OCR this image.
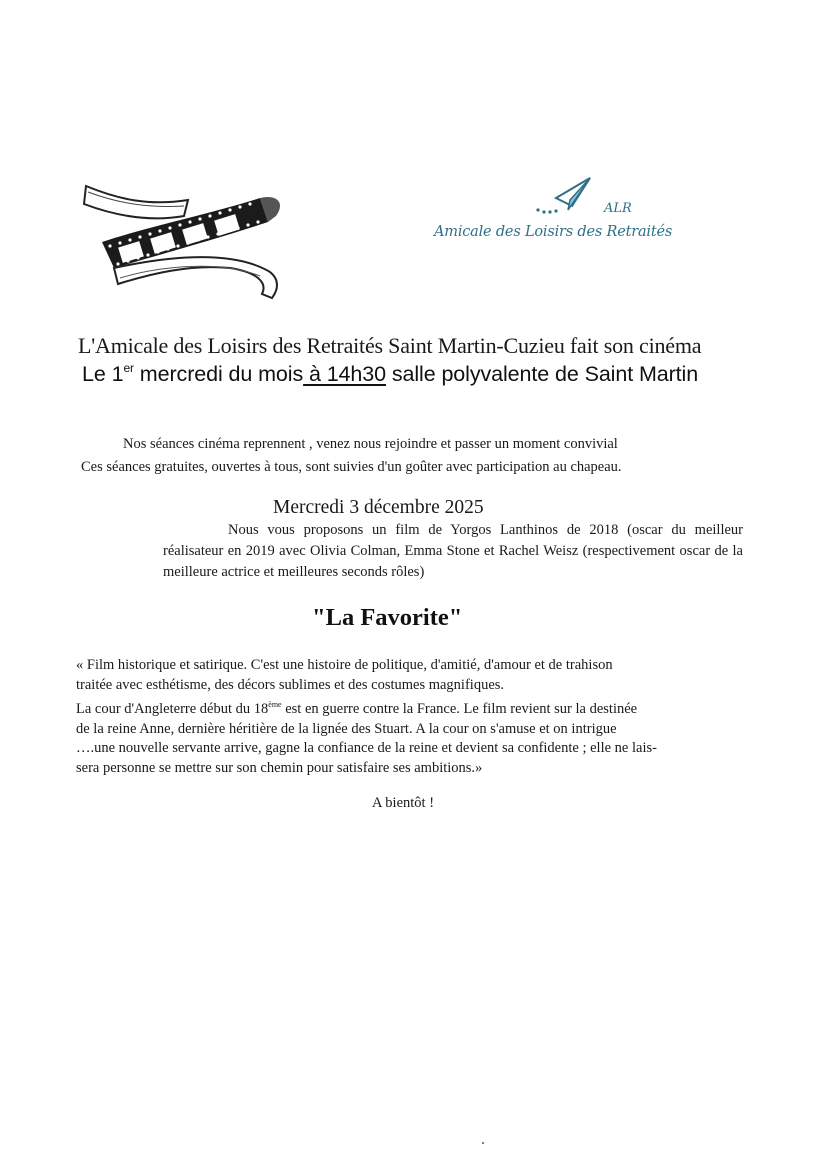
ALR
Amicale des Loisirs des Retraités
L'Amicale des Loisirs des Retraités Saint Martin-Cuzieu fait son cinéma
Le 1er mercredi du mois à 14h30 salle polyvalente de Saint Martin
Nos séances cinéma reprennent , venez nous rejoindre et passer un moment convivial
Ces séances gratuites, ouvertes à tous, sont suivies d'un goûter avec participation au chapeau.
Mercredi 3 décembre 2025
Nous vous proposons un film de Yorgos Lanthinos de 2018 (oscar du meilleur réalisateur en 2019 avec Olivia Colman, Emma Stone et Rachel Weisz (respectivement oscar de la meilleure actrice et meilleures seconds rôles)
"La Favorite"
« Film historique et satirique. C'est une histoire de politique, d'amitié, d'amour et de trahison
traitée avec esthétisme, des décors sublimes et des costumes magnifiques.
La cour d'Angleterre début du 18ème est en guerre contre la France. Le film revient sur la destinée
de la reine Anne, dernière héritière de la lignée des Stuart. A la cour on s'amuse et on intrigue
….une nouvelle servante arrive, gagne la confiance de la reine et devient sa confidente ; elle ne lais-
sera personne se mettre sur son chemin pour satisfaire ses ambitions.»
A bientôt !
